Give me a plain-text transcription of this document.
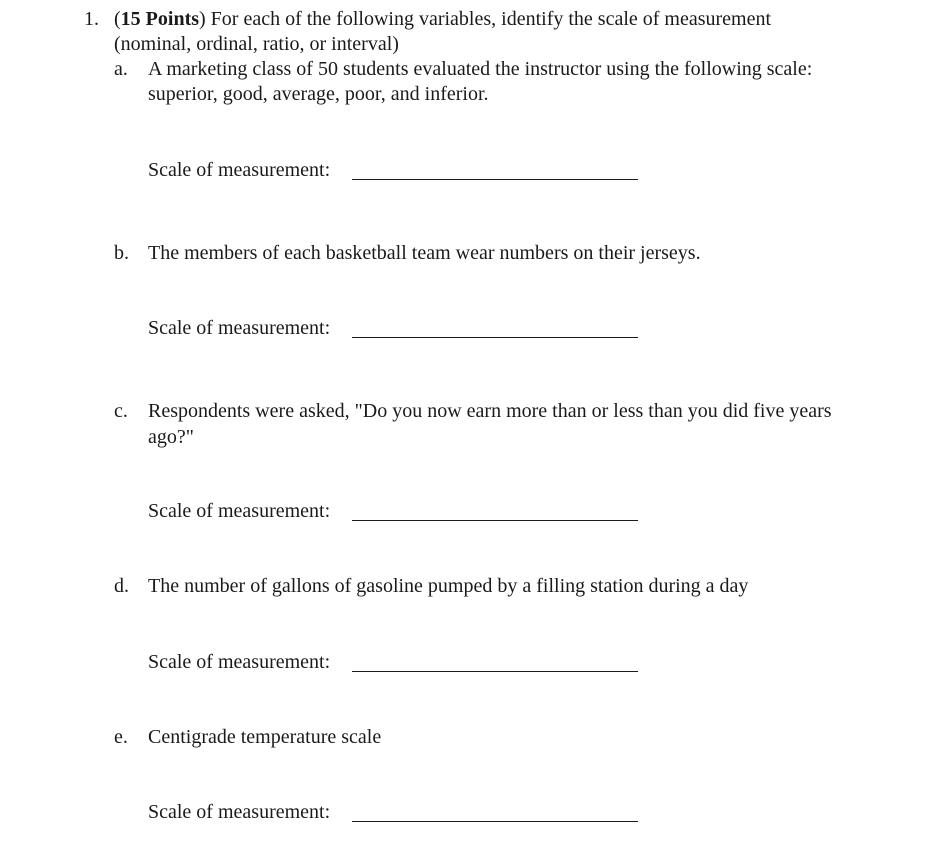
1. (15 Points) For each of the following variables, identify the scale of measurement
(nominal, ordinal, ratio, or interval)
a. A marketing class of 50 students evaluated the instructor using the following scale:
superior, good, average, poor, and inferior.
Scale of measurement:
b. The members of each basketball team wear numbers on their jerseys.
Scale of measurement:
c. Respondents were asked, "Do you now earn more than or less than you did five years
ago?"
Scale of measurement:
d. The number of gallons of gasoline pumped by a filling station during a day
Scale of measurement:
e. Centigrade temperature scale
Scale of measurement:
